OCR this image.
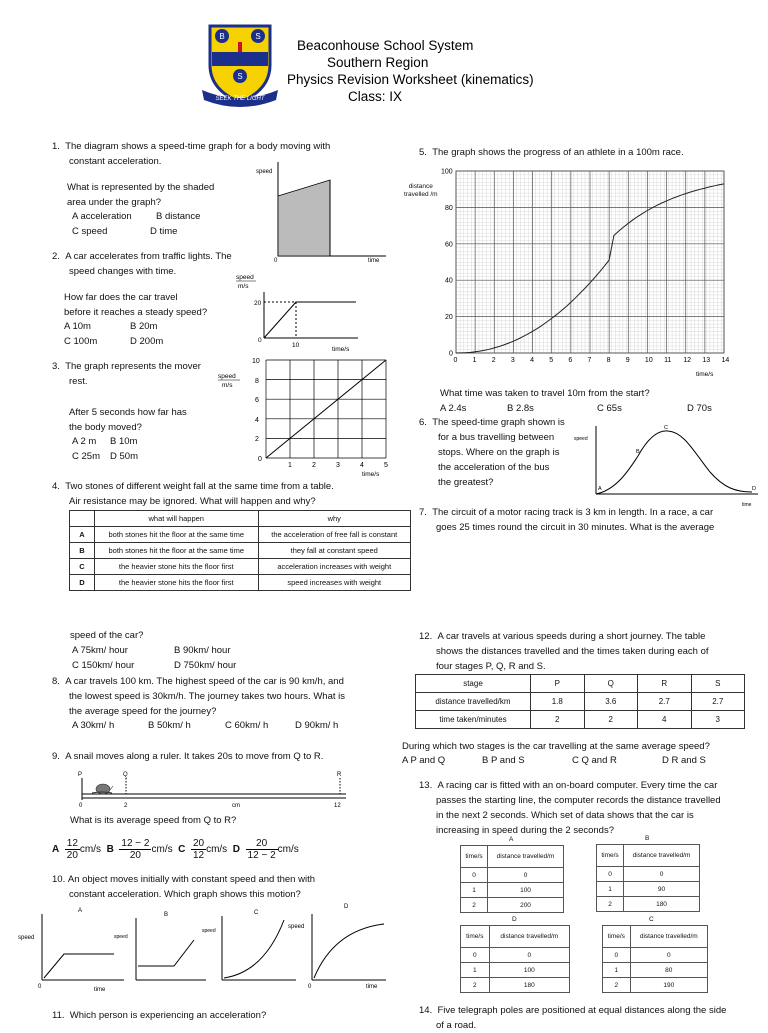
B	S
S
SEEK THE LIGHT
Beaconhouse School System
Southern Region
Physics Revision Worksheet (kinematics)
Class: IX
1. The diagram shows a speed-time graph for a body moving with
constant acceleration.
What is represented by the shaded
area under the graph?
A acceleration	B distance
C speed	D time
speed
time
0
2. A car accelerates from traffic lights. The
speed changes with time.
How far does the car travel
before it reaches a steady speed?
A 10m	B 20m
C 100m	D 200m
speed
m/s
20
0
10
time/s
3. The graph represents the mover
rest.
After 5 seconds how far has
the body moved?
A 2 m B 10m
C 25m D 50m
speed
m/s
10
8
6
4
2
0
1	2	3	4	5
time/s
4. Two stones of different weight fall at the same time from a table.
Air resistance may be ignored. What will happen and why?
	what will happen	why
A	both stones hit the floor at the same time	the acceleration of free fall is constant
B	both stones hit the floor at the same time	they fall at constant speed
C	the heavier stone hits the floor first	acceleration increases with weight
D	the heavier stone hits the floor first	speed increases with weight
5. The graph shows the progress of an athlete in a 100m race.
distance
travelled /m
100
80
60
40
20
0
0 1 2 3 4 5 6 7 8 9 10 11 12 13 14
time/s
What time was taken to travel 10m from the start?
A 2.4s	B 2.8s	C 65s	D 70s
6. The speed-time graph shown is
for a bus travelling between
stops. Where on the graph is
the acceleration of the bus
the greatest?
speed
time
A
B
C
D
7. The circuit of a motor racing track is 3 km in length. In a race, a car
goes 25 times round the circuit in 30 minutes. What is the average
speed of the car?
A 75km/ hour	B 90km/ hour
C 150km/ hour	D 750km/ hour
8. A car travels 100 km. The highest speed of the car is 90 km/h, and
the lowest speed is 30km/h. The journey takes two hours. What is
the average speed for the journey?
A 30km/ h	B 50km/ h	C 60km/ h	D 90km/ h
9. A snail moves along a ruler. It takes 20s to move from Q to R.
P	Q	R
0	2	cm	12
What is its average speed from Q to R?
A $\frac{12}{20} cm/s$ B $\frac{12 - 2}{20} cm/s$ C $\frac{20}{12} cm/s$ D $\frac{20}{12 - 2} cm/s$
10. An object moves initially with constant speed and then with
constant acceleration. Which graph shows this motion?
A
speed
time
0
B
speed
C
speed
D
speed
time
0
11. Which person is experiencing an acceleration?
12. A car travels at various speeds during a short journey. The table
shows the distances travelled and the times taken during each of
four stages P, Q, R and S.
stage	P	Q	R	S
distance travelled/km	1.8	3.6	2.7	2.7
time taken/minutes	2	2	4	3
During which two stages is the car travelling at the same average speed?
A P and Q	B P and S	C Q and R	D R and S
13. A racing car is fitted with an on-board computer. Every time the car
passes the starting line, the computer records the distance travelled
in the next 2 seconds. Which set of data shows that the car is
increasing in speed during the 2 seconds?
A
time/s	distance travelled/m
0	0
1	100
2	200
B
time/s	distance travelled/m
0	0
1	90
2	180
D
time/s	distance travelled/m
0	0
1	100
2	180
C
time/s	distance travelled/m
0	0
1	80
2	190
14. Five telegraph poles are positioned at equal distances along the side
of a road.
